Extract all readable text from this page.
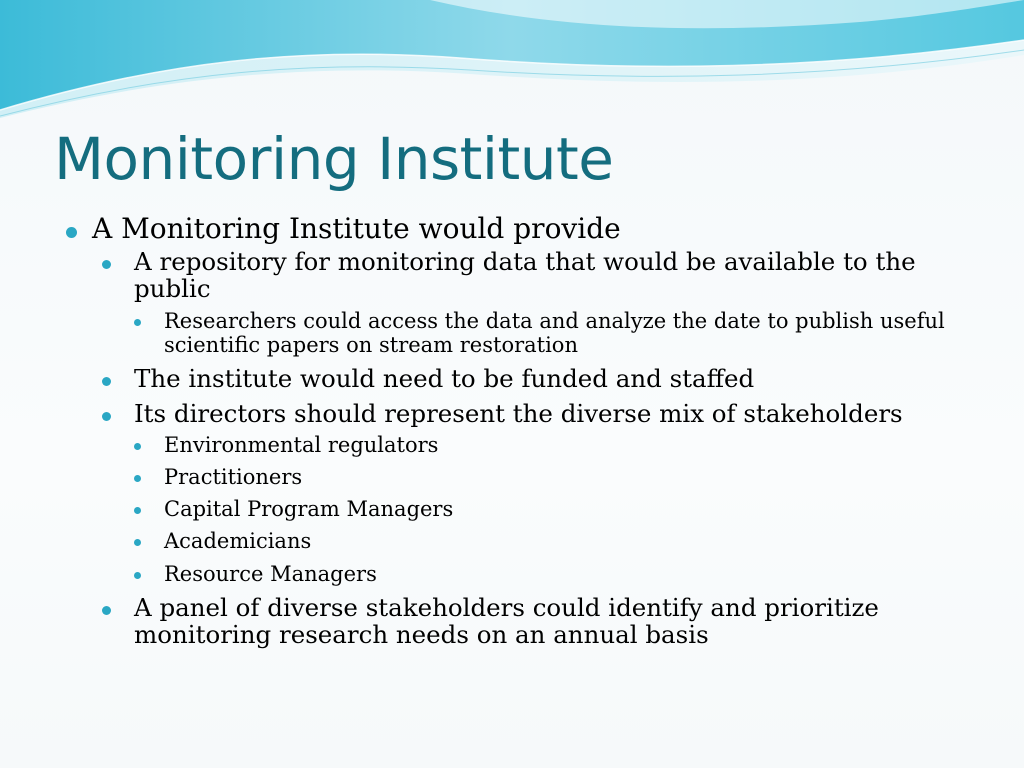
Monitoring Institute
A Monitoring Institute would provide
A repository for monitoring data that would be available to the public
Researchers could access the data and analyze the date to publish useful scientific papers on stream restoration
The institute would need to be funded and staffed
Its directors should represent the diverse mix of stakeholders
Environmental regulators
Practitioners
Capital Program Managers
Academicians
Resource Managers
A panel of diverse stakeholders could identify and prioritize monitoring research needs on an annual basis
